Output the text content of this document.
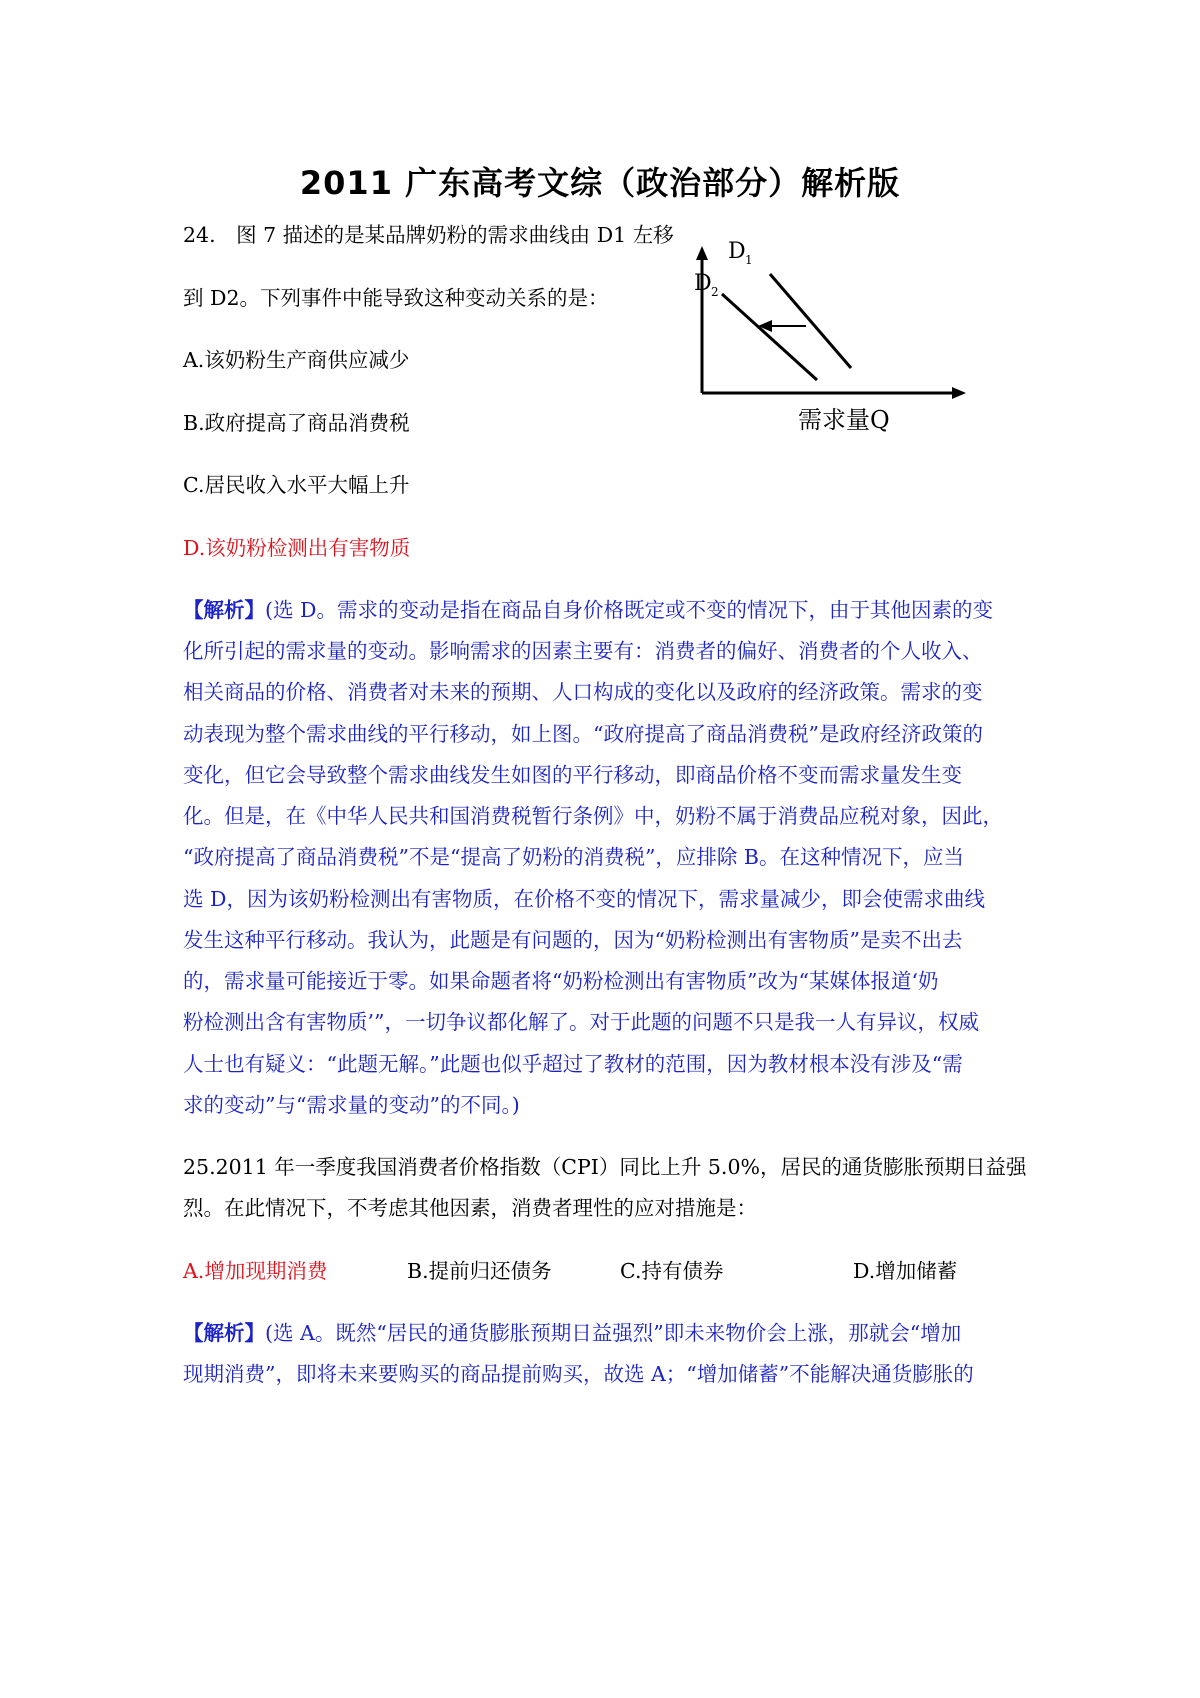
2011 广东高考文综（政治部分）解析版
24.　图 7 描述的是某品牌奶粉的需求曲线由 D1 左移
到 D2。下列事件中能导致这种变动关系的是：
A.该奶粉生产商供应减少
B.政府提高了商品消费税
C.居民收入水平大幅上升
D.该奶粉检测出有害物质
需求量Q
D 1
D 2
【解析】(选 D。需求的变动是指在商品自身价格既定或不变的情况下，由于其他因素的变
化所引起的需求量的变动。影响需求的因素主要有：消费者的偏好、消费者的个人收入、
相关商品的价格、消费者对未来的预期、人口构成的变化以及政府的经济政策。需求的变
动表现为整个需求曲线的平行移动，如上图。“政府提高了商品消费税”是政府经济政策的
变化，但它会导致整个需求曲线发生如图的平行移动，即商品价格不变而需求量发生变
化。但是，在《中华人民共和国消费税暂行条例》中，奶粉不属于消费品应税对象，因此，
“政府提高了商品消费税”不是“提高了奶粉的消费税”，应排除 B。在这种情况下，应当
选 D，因为该奶粉检测出有害物质，在价格不变的情况下，需求量减少，即会使需求曲线
发生这种平行移动。我认为，此题是有问题的，因为“奶粉检测出有害物质”是卖不出去
的，需求量可能接近于零。如果命题者将“奶粉检测出有害物质”改为“某媒体报道‘奶
粉检测出含有害物质’”，一切争议都化解了。对于此题的问题不只是我一人有异议，权威
人士也有疑义：“此题无解。”此题也似乎超过了教材的范围，因为教材根本没有涉及“需
求的变动”与“需求量的变动”的不同。)
25.2011 年一季度我国消费者价格指数（CPI）同比上升 5.0%，居民的通货膨胀预期日益强
烈。在此情况下，不考虑其他因素，消费者理性的应对措施是：
A.增加现期消费	B.提前归还债务	C.持有债券	D.增加储蓄
【解析】(选 A。既然“居民的通货膨胀预期日益强烈”即未来物价会上涨，那就会“增加
现期消费”，即将未来要购买的商品提前购买，故选 A；“增加储蓄”不能解决通货膨胀的
